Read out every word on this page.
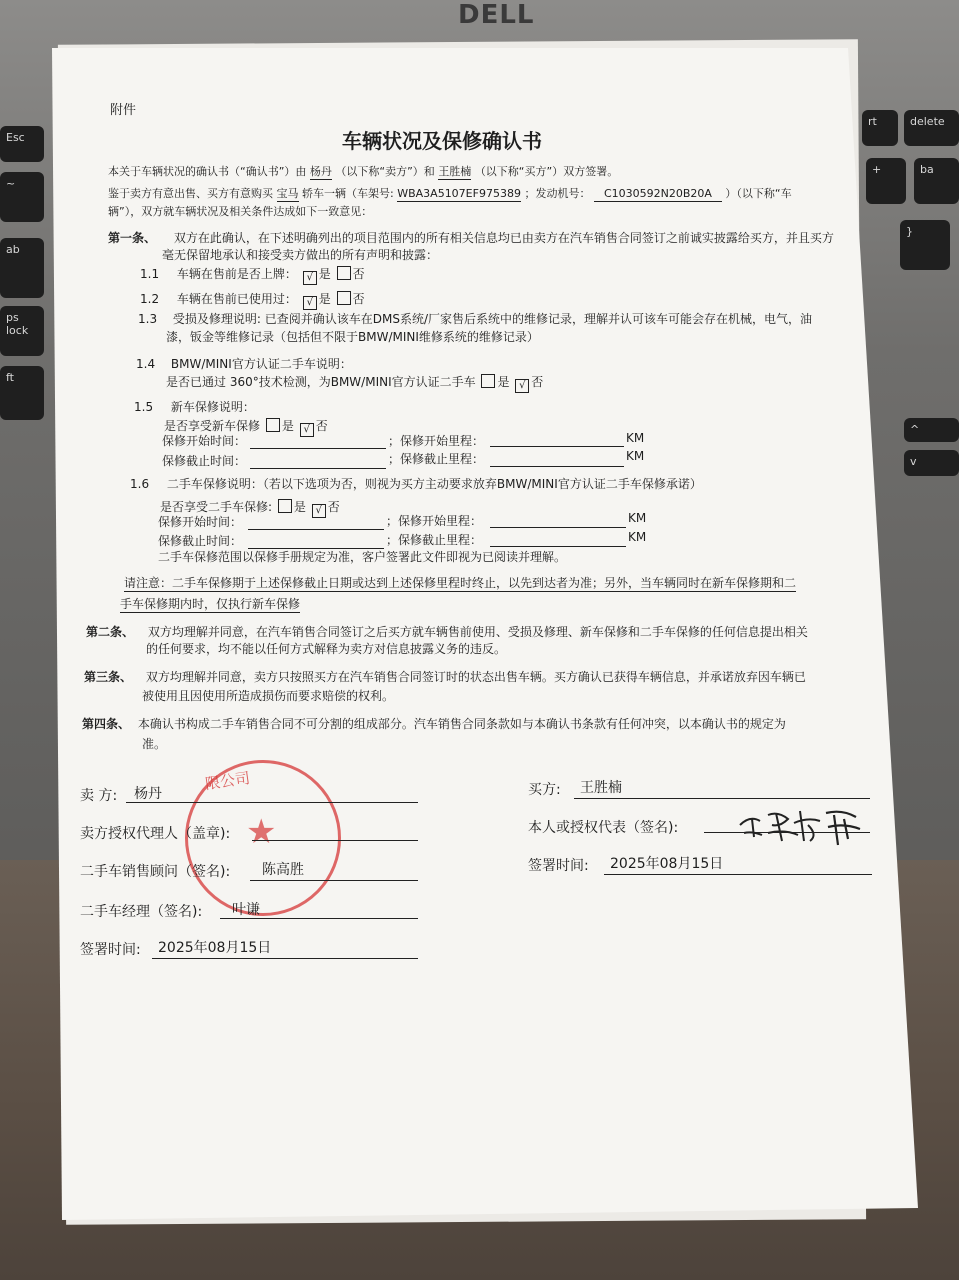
DELL
Esc
~
ab
ps lock
ft
rt	delete
+	ba
}
^
v
附件
车辆状况及保修确认书
本关于车辆状况的确认书（“确认书”）由 杨丹 （以下称“卖方”）和 王胜楠 （以下称“买方”）双方签署。
鉴于卖方有意出售、买方有意购买 宝马 轿车一辆（车架号: WBA3A5107EF975389 ；发动机号： C1030592N20B20A ）（以下称“车
辆”），双方就车辆状况及相关条件达成如下一致意见：
第一条、 双方在此确认，在下述明确列出的项目范围内的所有相关信息均已由卖方在汽车销售合同签订之前诚实披露给买方，并且买方
毫无保留地承认和接受卖方做出的所有声明和披露：
1.1 车辆在售前是否上牌： √ 是 否
1.2 车辆在售前已使用过： √ 是 否
1.3 受损及修理说明: 已查阅并确认该车在DMS系统/厂家售后系统中的维修记录，理解并认可该车可能会存在机械，电气，油
漆，钣金等维修记录（包括但不限于BMW/MINI维修系统的维修记录）
1.4 BMW/MINI官方认证二手车说明：
是否已通过 360°技术检测，为BMW/MINI官方认证二手车 是 √ 否
1.5 新车保修说明：
是否享受新车保修 是 √ 否
保修开始时间：	；保修开始里程：	KM
保修截止时间：	；保修截止里程：	KM
1.6 二手车保修说明：（若以下选项为否，则视为买方主动要求放弃BMW/MINI官方认证二手车保修承诺）
是否享受二手车保修: 是 √ 否
保修开始时间：	；保修开始里程：	KM
保修截止时间：	；保修截止里程：	KM
二手车保修范围以保修手册规定为准，客户签署此文件即视为已阅读并理解。
请注意：二手车保修期于上述保修截止日期或达到上述保修里程时终止，以先到达者为准；另外，当车辆同时在新车保修期和二
手车保修期内时，仅执行新车保修
第二条、 双方均理解并同意，在汽车销售合同签订之后买方就车辆售前使用、受损及修理、新车保修和二手车保修的任何信息提出相关
的任何要求，均不能以任何方式解释为卖方对信息披露义务的违反。
第三条、 双方均理解并同意，卖方只按照买方在汽车销售合同签订时的状态出售车辆。买方确认已获得车辆信息，并承诺放弃因车辆已
被使用且因使用所造成损伤而要求赔偿的权利。
第四条、 本确认书构成二手车销售合同不可分割的组成部分。汽车销售合同条款如与本确认书条款有任何冲突，以本确认书的规定为
准。
限公司
★
卖 方: 杨丹
卖方授权代理人（盖章):
二手车销售顾问（签名): 陈高胜
二手车经理（签名): 叶谦
签署时间: 2025年08月15日
买方: 王胜楠
本人或授权代表（签名):
签署时间: 2025年08月15日
